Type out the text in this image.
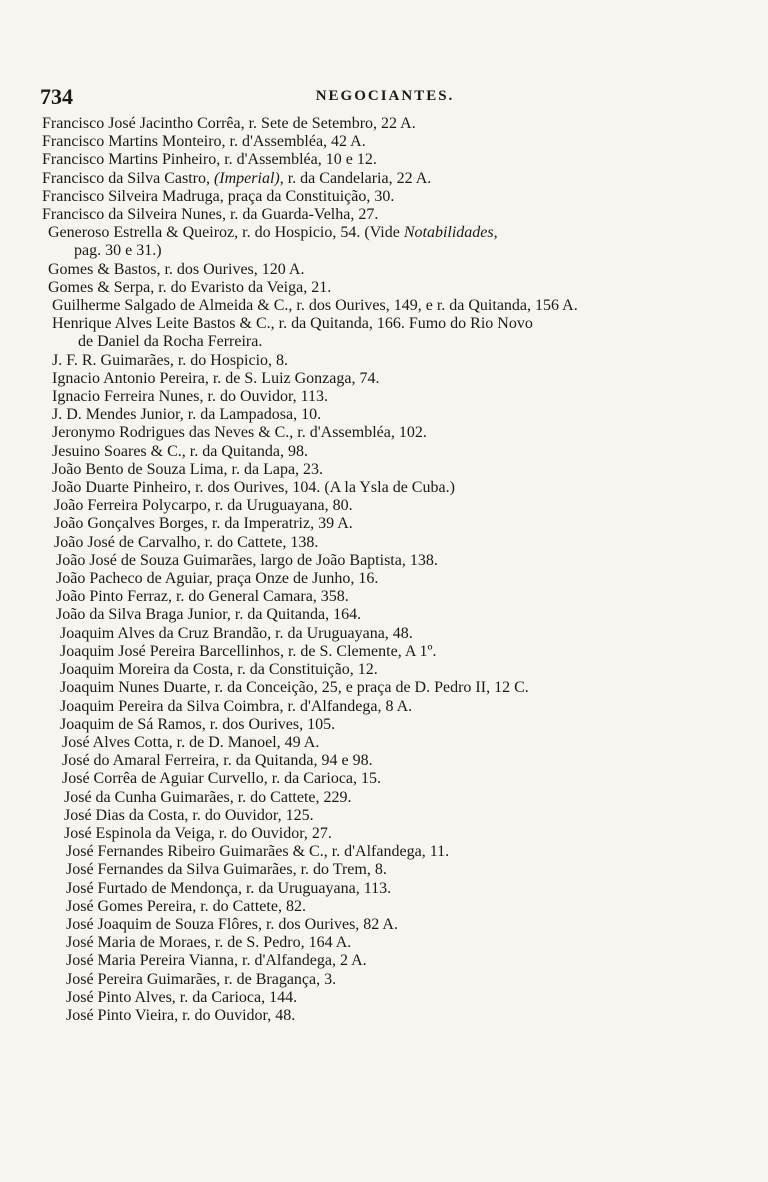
734	NEGOCIANTES.
Francisco José Jacintho Corrêa, r. Sete de Setembro, 22 A.
Francisco Martins Monteiro, r. d'Assembléa, 42 A.
Francisco Martins Pinheiro, r. d'Assembléa, 10 e 12.
Francisco da Silva Castro, (Imperial), r. da Candelaria, 22 A.
Francisco Silveira Madruga, praça da Constituição, 30.
Francisco da Silveira Nunes, r. da Guarda-Velha, 27.
Generoso Estrella & Queiroz, r. do Hospicio, 54. (Vide Notabilidades,
pag. 30 e 31.)
Gomes & Bastos, r. dos Ourives, 120 A.
Gomes & Serpa, r. do Evaristo da Veiga, 21.
Guilherme Salgado de Almeida & C., r. dos Ourives, 149, e r. da Quitanda, 156 A.
Henrique Alves Leite Bastos & C., r. da Quitanda, 166. Fumo do Rio Novo
de Daniel da Rocha Ferreira.
J. F. R. Guimarães, r. do Hospicio, 8.
Ignacio Antonio Pereira, r. de S. Luiz Gonzaga, 74.
Ignacio Ferreira Nunes, r. do Ouvidor, 113.
J. D. Mendes Junior, r. da Lampadosa, 10.
Jeronymo Rodrigues das Neves & C., r. d'Assembléa, 102.
Jesuino Soares & C., r. da Quitanda, 98.
João Bento de Souza Lima, r. da Lapa, 23.
João Duarte Pinheiro, r. dos Ourives, 104. (A la Ysla de Cuba.)
João Ferreira Polycarpo, r. da Uruguayana, 80.
João Gonçalves Borges, r. da Imperatriz, 39 A.
João José de Carvalho, r. do Cattete, 138.
João José de Souza Guimarães, largo de João Baptista, 138.
João Pacheco de Aguiar, praça Onze de Junho, 16.
João Pinto Ferraz, r. do General Camara, 358.
João da Silva Braga Junior, r. da Quitanda, 164.
Joaquim Alves da Cruz Brandão, r. da Uruguayana, 48.
Joaquim José Pereira Barcellinhos, r. de S. Clemente, A 1º.
Joaquim Moreira da Costa, r. da Constituição, 12.
Joaquim Nunes Duarte, r. da Conceição, 25, e praça de D. Pedro II, 12 C.
Joaquim Pereira da Silva Coimbra, r. d'Alfandega, 8 A.
Joaquim de Sá Ramos, r. dos Ourives, 105.
José Alves Cotta, r. de D. Manoel, 49 A.
José do Amaral Ferreira, r. da Quitanda, 94 e 98.
José Corrêa de Aguiar Curvello, r. da Carioca, 15.
José da Cunha Guimarães, r. do Cattete, 229.
José Dias da Costa, r. do Ouvidor, 125.
José Espinola da Veiga, r. do Ouvidor, 27.
José Fernandes Ribeiro Guimarães & C., r. d'Alfandega, 11.
José Fernandes da Silva Guimarães, r. do Trem, 8.
José Furtado de Mendonça, r. da Uruguayana, 113.
José Gomes Pereira, r. do Cattete, 82.
José Joaquim de Souza Flôres, r. dos Ourives, 82 A.
José Maria de Moraes, r. de S. Pedro, 164 A.
José Maria Pereira Vianna, r. d'Alfandega, 2 A.
José Pereira Guimarães, r. de Bragança, 3.
José Pinto Alves, r. da Carioca, 144.
José Pinto Vieira, r. do Ouvidor, 48.
